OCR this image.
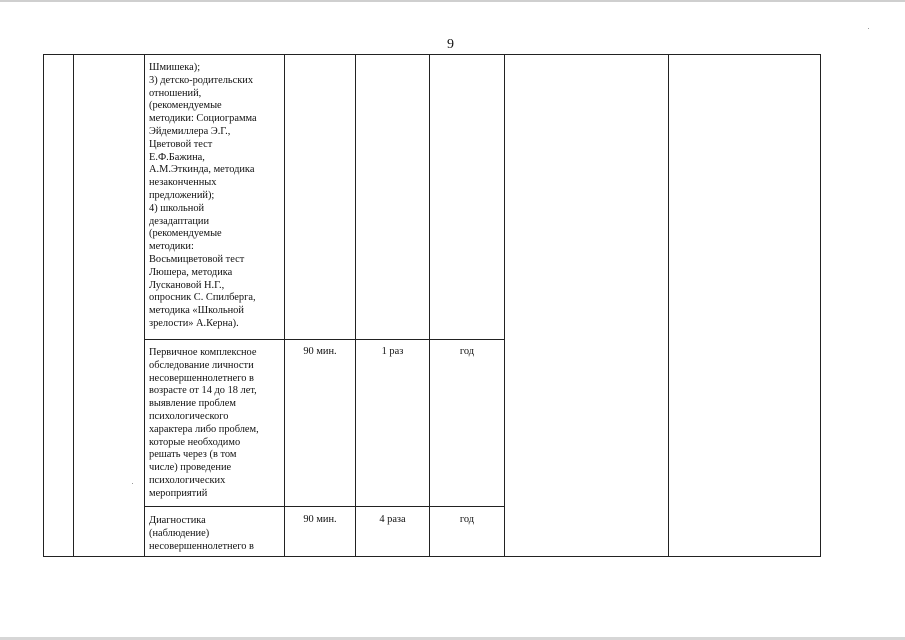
9
Шмишека);
3) детско-родительских
отношений,
(рекомендуемые
методики: Социограмма
Эйдемиллера Э.Г.,
Цветовой тест
Е.Ф.Бажина,
А.М.Эткинда, методика
незаконченных
предложений);
4) школьной
дезадаптации
(рекомендуемые
методики:
Восьмицветовой тест
Люшера, методика
Лускановой Н.Г.,
опросник С. Спилберга,
методика «Школьной
зрелости» А.Керна).
Первичное комплексное
обследование личности
несовершеннолетнего в
возрасте от 14 до 18 лет,
выявление проблем
психологического
характера либо проблем,
которые необходимо
решать через (в том
числе) проведение
психологических
мероприятий
90 мин.	1 раз	год
Диагностика
(наблюдение)
несовершеннолетнего в
90 мин.	4 раза	год
